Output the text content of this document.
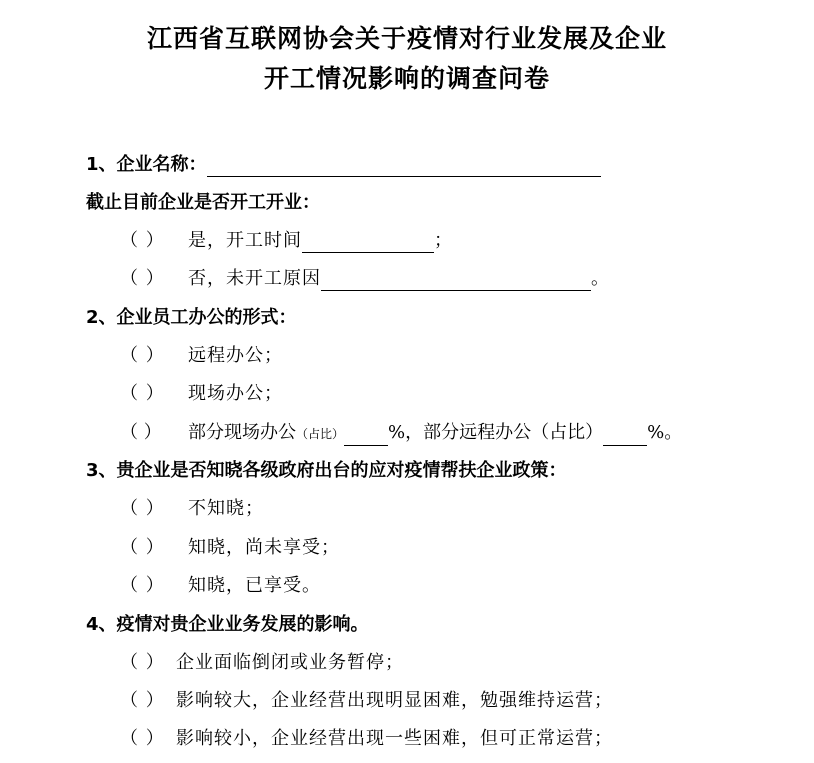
江西省互联网协会关于疫情对行业发展及企业
开工情况影响的调查问卷
1、企业名称：
截止目前企业是否开工开业：
（ ） 是，开工时间	；
（ ） 否，未开工原因	。
2、企业员工办公的形式：
（ ） 远程办公；
（ ） 现场办公；
（ ） 部分现场办公（占比） %，部分远程办公（占比） %。
3、贵企业是否知晓各级政府出台的应对疫情帮扶企业政策：
（ ） 不知晓；
（ ） 知晓，尚未享受；
（ ） 知晓，已享受。
4、疫情对贵企业业务发展的影响。
（ ） 企业面临倒闭或业务暂停；
（ ） 影响较大，企业经营出现明显困难，勉强维持运营；
（ ） 影响较小，企业经营出现一些困难，但可正常运营；
